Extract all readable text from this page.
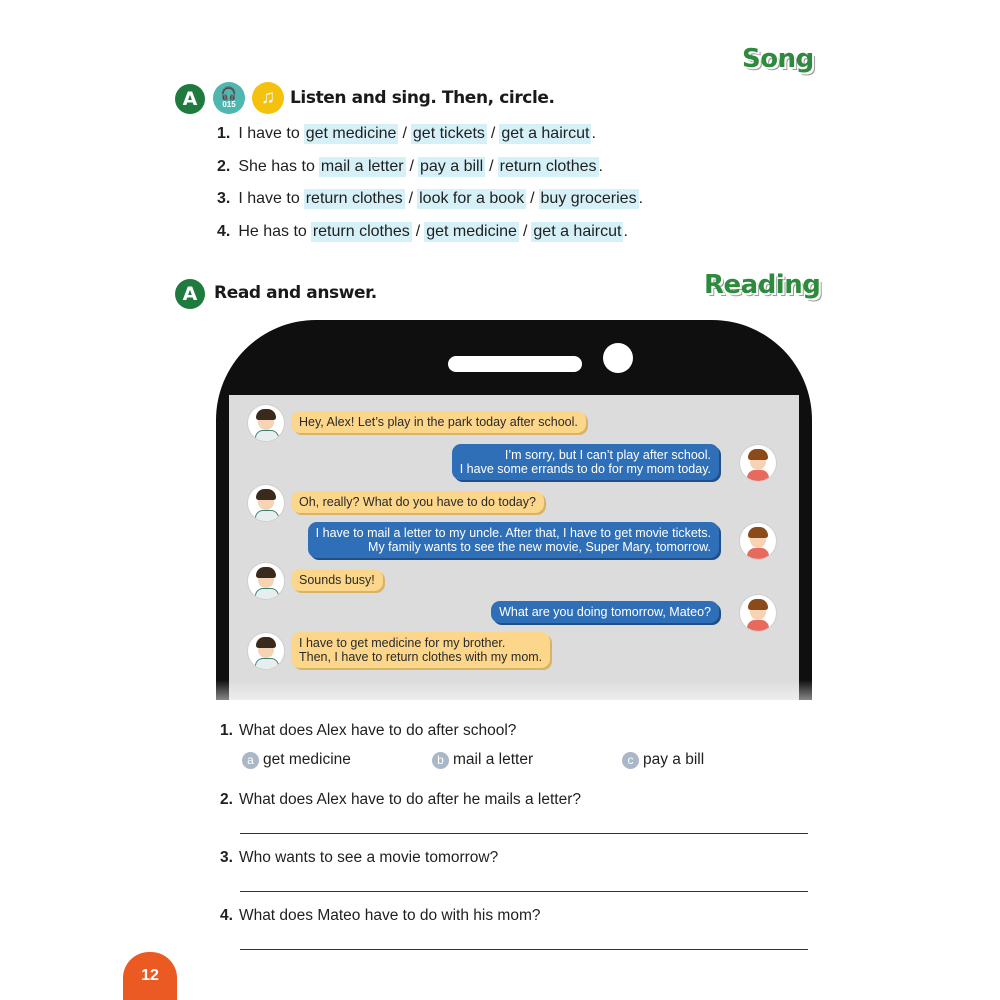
Song
A	🎧
015	♫ Listen and sing. Then, circle.
1. I have to get medicine / get tickets / get a haircut .
2. She has to mail a letter / pay a bill / return clothes .
3. I have to return clothes / look for a book / buy groceries .
4. He has to return clothes / get medicine / get a haircut .
Reading
A Read and answer.
Hey, Alex! Let’s play in the park today after school.
I’m sorry, but I can’t play after school.
I have some errands to do for my mom today.
Oh, really? What do you have to do today?
I have to mail a letter to my uncle. After that, I have to get movie tickets.
My family wants to see the new movie, Super Mary, tomorrow.
Sounds busy!
What are you doing tomorrow, Mateo?
I have to get medicine for my brother.
Then, I have to return clothes with my mom.
1. What does Alex have to do after school?
2. What does Alex have to do after he mails a letter?
3. Who wants to see a movie tomorrow?
4. What does Mateo have to do with his mom?
a get medicine	b mail a letter	c pay a bill
12
